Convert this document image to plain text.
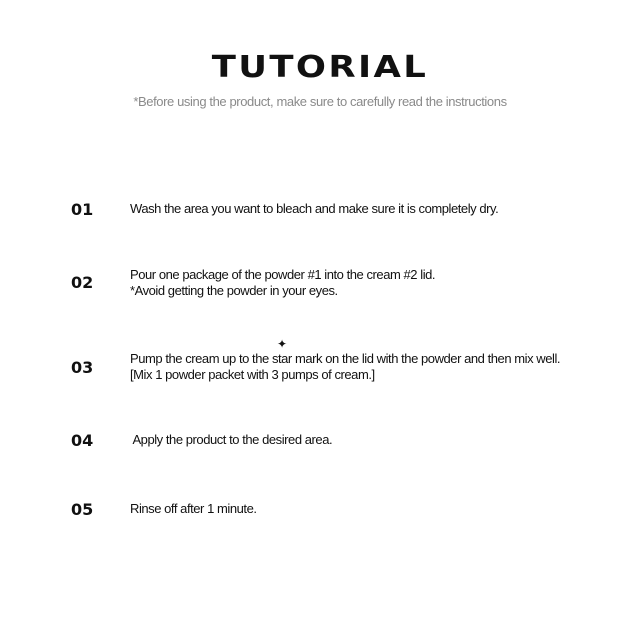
TUTORIAL
*Before using the product, make sure to carefully read the instructions
01	Wash the area you want to bleach and make sure it is completely dry.
02	Pour one package of the powder #1 into the cream #2 lid.
*Avoid getting the powder in your eyes.
✦
03	Pump the cream up to the star mark on the lid with the powder and then mix well.
[Mix 1 powder packet with 3 pumps of cream.]
04	Apply the product to the desired area.
05	Rinse off after 1 minute.
